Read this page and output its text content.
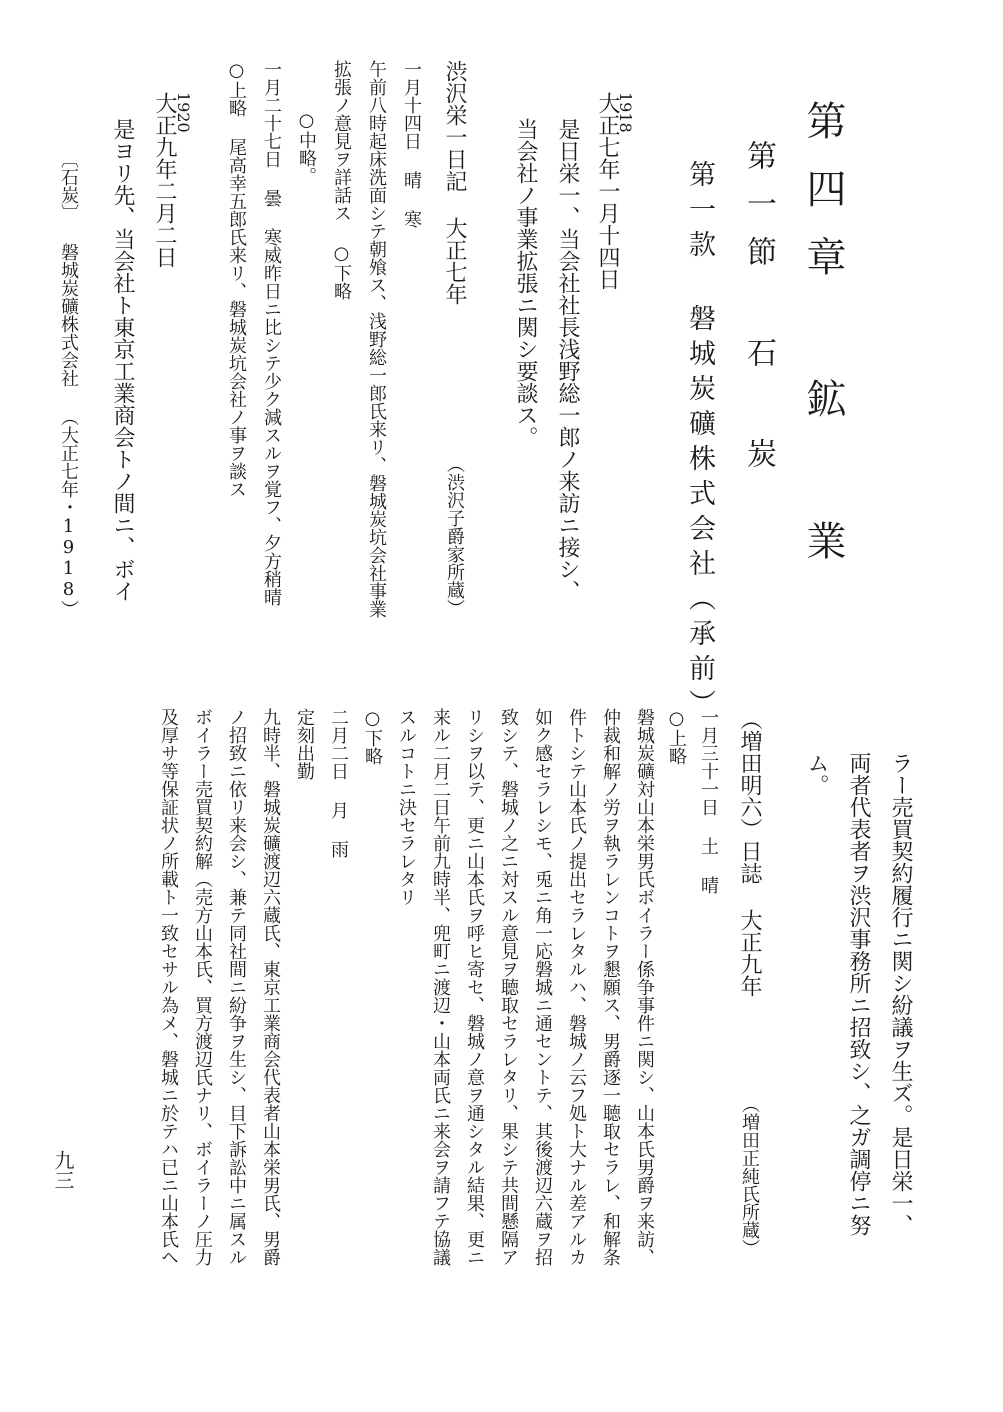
第四章 鉱 業
第一節 石 炭
第一款 磐城炭礦株式会社（承前）
1918
大正七年一月十四日
是日栄一、当会社社長浅野総一郎ノ来訪ニ接シ、
当会社ノ事業拡張ニ関シ要談ス。
渋沢栄一日記 大正七年
（渋沢子爵家所蔵）
一月十四日 晴 寒
午前八時起床洗面シテ朝飧ス、浅野総一郎氏来リ、磐城炭坑会社事業
拡張ノ意見ヲ詳話ス ○下略
○中略。
一月二十七日 曇 寒威昨日ニ比シテ少ク減スルヲ覚フ、夕方稍晴
○上略 尾高幸五郎氏来リ、磐城炭坑会社ノ事ヲ談ス
1920
大正九年二月二日
是ヨリ先、当会社ト東京工業商会トノ間ニ、ボイ
〔石炭〕 磐城炭礦株式会社 （大正七年・1918）
ラー売買契約履行ニ関シ紛議ヲ生ズ。是日栄一、
両者代表者ヲ渋沢事務所ニ招致シ、之ガ調停ニ努
ム。
（増田明六）日誌 大正九年
（増田正純氏所蔵）
一月三十一日 土 晴
○上略
磐城炭礦対山本栄男氏ボイラー係争事件ニ関シ、山本氏男爵ヲ来訪、
仲裁和解ノ労ヲ執ラレンコトヲ懇願ス、男爵逐一聴取セラレ、和解条
件トシテ山本氏ノ提出セラレタルハ、磐城ノ云フ処ト大ナル差アルカ
如ク感セラレシモ、兎ニ角一応磐城ニ通セントテ、其後渡辺六蔵ヲ招
致シテ、磐城ノ之ニ対スル意見ヲ聴取セラレタリ、果シテ共間懸隔ア
リシヲ以テ、更ニ山本氏ヲ呼ヒ寄セ、磐城ノ意ヲ通シタル結果、更ニ
来ル二月二日午前九時半、兜町ニ渡辺・山本両氏ニ来会ヲ請フテ協議
スルコトニ決セラレタリ
○下略
二月二日 月 雨
定刻出勤
九時半、磐城炭礦渡辺六蔵氏、東京工業商会代表者山本栄男氏、男爵
ノ招致ニ依リ来会シ、兼テ同社間ニ紛争ヲ生シ、目下訴訟中ニ属スル
ボイラー売買契約解（売方山本氏、買方渡辺氏ナリ、ボイラーノ圧力
及厚サ等保証状ノ所載ト一致セサル為メ、磐城ニ於テハ已ニ山本氏ヘ
九三
